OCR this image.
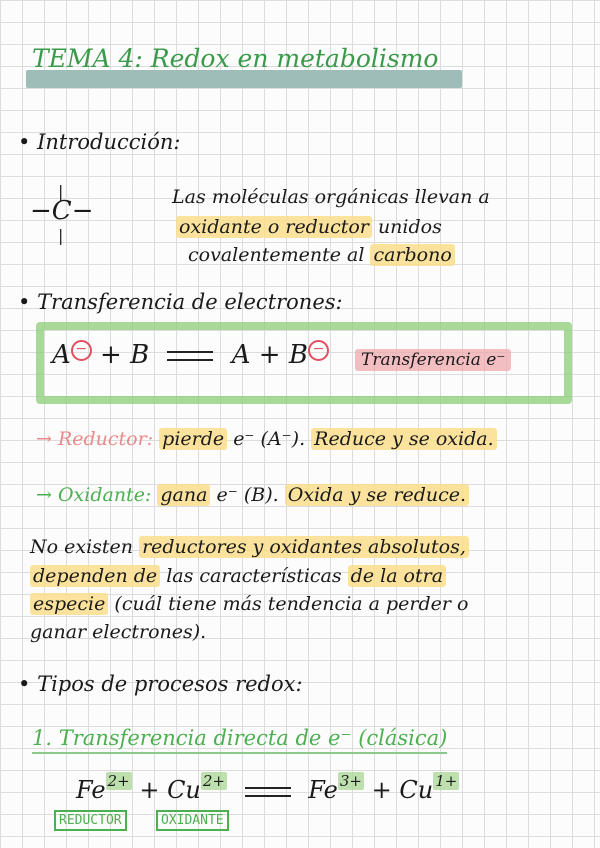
TEMA 4: Redox en metabolismo
• Introducción:
|
−C−
|
Las moléculas orgánicas llevan a
oxidante o reductor unidos
covalentemente al carbono
• Transferencia de electrones:
A − + B	A + B −
Transferencia e⁻
→ Reductor: pierde e⁻ (A⁻). Reduce y se oxida.
→ Oxidante: gana e⁻ (B). Oxida y se reduce.
No existen reductores y oxidantes absolutos,
dependen de las características de la otra
especie (cuál tiene más tendencia a perder o
ganar electrones).
• Tipos de procesos redox:
1. Transferencia directa de e⁻ (clásica)
Fe $^{2+}$ + Cu $^{2+}$	Fe $^{3+}$ + Cu $^{1+}$
REDUCTOR	OXIDANTE
